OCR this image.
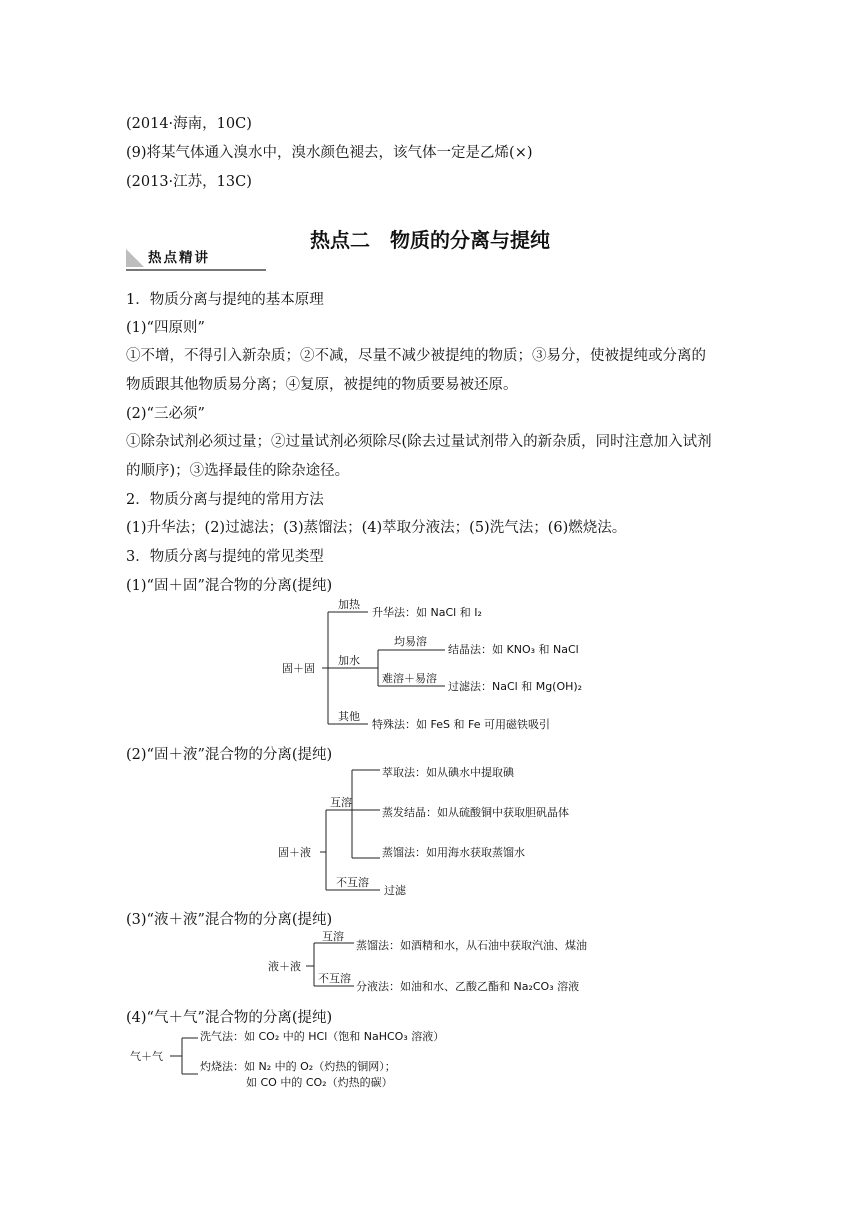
(2014·海南，10C)
(9)将某气体通入溴水中，溴水颜色褪去，该气体一定是乙烯(×)
(2013·江苏，13C)
热点二　物质的分离与提纯
热点精讲
1．物质分离与提纯的基本原理
(1)“四原则”
①不增，不得引入新杂质；②不减，尽量不减少被提纯的物质；③易分，使被提纯或分离的
物质跟其他物质易分离；④复原，被提纯的物质要易被还原。
(2)“三必须”
①除杂试剂必须过量；②过量试剂必须除尽(除去过量试剂带入的新杂质，同时注意加入试剂
的顺序)；③选择最佳的除杂途径。
2．物质分离与提纯的常用方法
(1)升华法；(2)过滤法；(3)蒸馏法；(4)萃取分液法；(5)洗气法；(6)燃烧法。
3．物质分离与提纯的常见类型
(1)“固＋固”混合物的分离(提纯)
(2)“固＋液”混合物的分离(提纯)
(3)“液＋液”混合物的分离(提纯)
(4)“气＋气”混合物的分离(提纯)
固＋固
加热
升华法：如 NaCl 和 I₂
加水
均易溶
结晶法：如 KNO₃ 和 NaCl
难溶＋易溶
过滤法：NaCl 和 Mg(OH)₂
其他
特殊法：如 FeS 和 Fe 可用磁铁吸引
固＋液
互溶
萃取法：如从碘水中提取碘
蒸发结晶：如从硫酸铜中获取胆矾晶体
蒸馏法：如用海水获取蒸馏水
不互溶
过滤
液＋液
互溶
蒸馏法：如酒精和水，从石油中获取汽油、煤油
不互溶
分液法：如油和水、乙酸乙酯和 Na₂CO₃ 溶液
气＋气
洗气法：如 CO₂ 中的 HCl（饱和 NaHCO₃ 溶液）
灼烧法：如 N₂ 中的 O₂（灼热的铜网）；
如 CO 中的 CO₂（灼热的碳）
